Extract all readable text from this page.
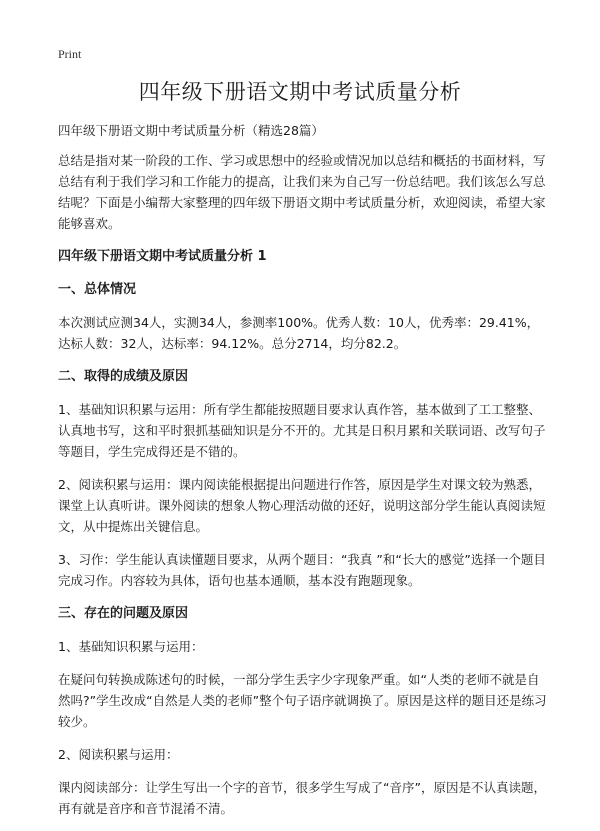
Print
四年级下册语文期中考试质量分析

四年级下册语文期中考试质量分析（精选28篇）

总结是指对某一阶段的工作、学习或思想中的经验或情况加以总结和概括的书面材料，写总结有利于我们学习和工作能力的提高，让我们来为自己写一份总结吧。我们该怎么写总结呢？下面是小编帮大家整理的四年级下册语文期中考试质量分析，欢迎阅读，希望大家能够喜欢。

四年级下册语文期中考试质量分析 1
一、总体情况

本次测试应测34人，实测34人，参测率100%。优秀人数：10人，优秀率：29.41%，达标人数：32人，达标率：94.12%。总分2714，均分82.2。

二、取得的成绩及原因

1、基础知识积累与运用：所有学生都能按照题目要求认真作答，基本做到了工工整整、认真地书写，这和平时狠抓基础知识是分不开的。尤其是日积月累和关联词语、改写句子等题目，学生完成得还是不错的。

2、阅读积累与运用：课内阅读能根据提出问题进行作答，原因是学生对课文较为熟悉，课堂上认真听讲。课外阅读的想象人物心理活动做的还好，说明这部分学生能认真阅读短文，从中提炼出关键信息。

3、习作：学生能认真读懂题目要求，从两个题目：“我真 ”和“长大的感觉”选择一个题目完成习作。内容较为具体，语句也基本通顺，基本没有跑题现象。

三、存在的问题及原因

1、基础知识积累与运用：

在疑问句转换成陈述句的时候，一部分学生丢字少字现象严重。如“人类的老师不就是自然吗?”学生改成“自然是人类的老师”整个句子语序就调换了。原因是这样的题目还是练习较少。

2、阅读积累与运用：

课内阅读部分：让学生写出一个字的音节，很多学生写成了“音序”，原因是不认真读题，再有就是音序和音节混淆不清。
